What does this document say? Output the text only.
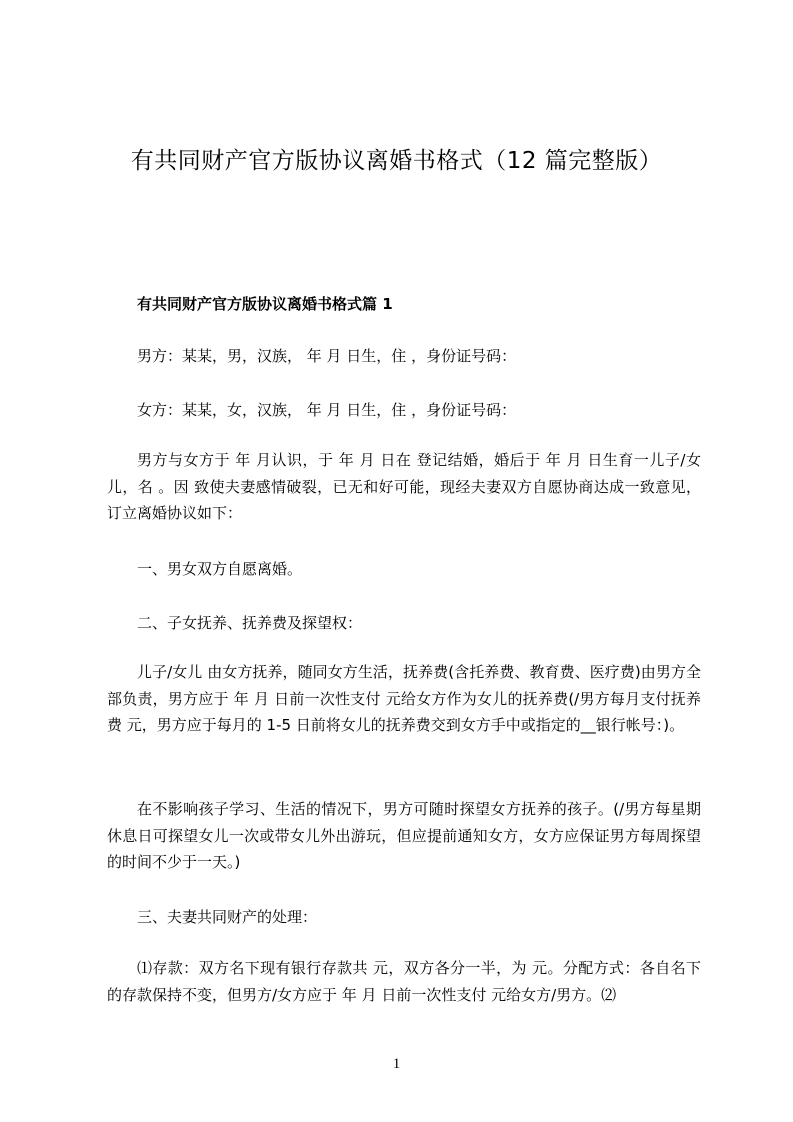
有共同财产官方版协议离婚书格式（12 篇完整版）
有共同财产官方版协议离婚书格式篇 1
男方：某某，男，汉族， 年 月 日生，住 ，身份证号码：
女方：某某，女，汉族， 年 月 日生，住 ，身份证号码：
男方与女方于 年 月认识，于 年 月 日在 登记结婚，婚后于 年 月 日生育一儿子/女儿，名 。因 致使夫妻感情破裂，已无和好可能，现经夫妻双方自愿协商达成一致意见，订立离婚协议如下：
一、男女双方自愿离婚。
二、子女抚养、抚养费及探望权：
儿子/女儿 由女方抚养，随同女方生活，抚养费(含托养费、教育费、医疗费)由男方全部负责，男方应于 年 月 日前一次性支付 元给女方作为女儿的抚养费(/男方每月支付抚养费 元，男方应于每月的 1-5 日前将女儿的抚养费交到女方手中或指定的__银行帐号：)。
在不影响孩子学习、生活的情况下，男方可随时探望女方抚养的孩子。(/男方每星期休息日可探望女儿一次或带女儿外出游玩，但应提前通知女方，女方应保证男方每周探望的时间不少于一天。)
三、夫妻共同财产的处理：
⑴存款：双方名下现有银行存款共 元，双方各分一半，为 元。分配方式：各自名下的存款保持不变，但男方/女方应于 年 月 日前一次性支付 元给女方/男方。⑵
1
